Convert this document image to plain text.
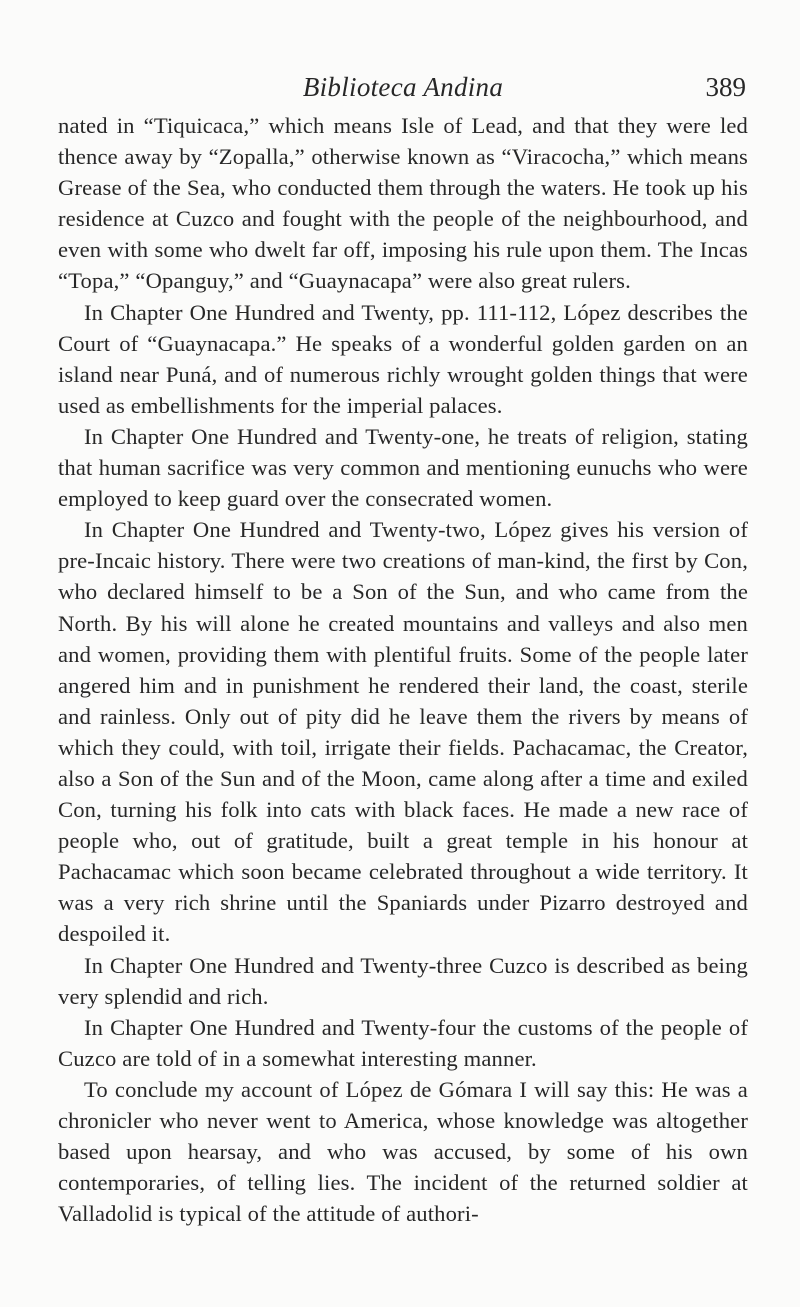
Biblioteca Andina	389

nated in “Tiquicaca,” which means Isle of Lead, and that they were led thence away by “Zopalla,” otherwise known as “Viracocha,” which means Grease of the Sea, who conducted them through the waters. He took up his residence at Cuzco and fought with the people of the neighbourhood, and even with some who dwelt far off, imposing his rule upon them. The Incas “Topa,” “Opanguy,” and “Guaynacapa” were also great rulers.

In Chapter One Hundred and Twenty, pp. 111-112, López describes the Court of “Guaynacapa.” He speaks of a wonderful golden garden on an island near Puná, and of numerous richly wrought golden things that were used as embellishments for the imperial palaces.

In Chapter One Hundred and Twenty-one, he treats of religion, stating that human sacrifice was very common and mentioning eunuchs who were employed to keep guard over the consecrated women.

In Chapter One Hundred and Twenty-two, López gives his version of pre-Incaic history. There were two creations of man-kind, the first by Con, who declared himself to be a Son of the Sun, and who came from the North. By his will alone he created mountains and valleys and also men and women, providing them with plentiful fruits. Some of the people later angered him and in punishment he rendered their land, the coast, sterile and rainless. Only out of pity did he leave them the rivers by means of which they could, with toil, irrigate their fields. Pachacamac, the Creator, also a Son of the Sun and of the Moon, came along after a time and exiled Con, turning his folk into cats with black faces. He made a new race of people who, out of gratitude, built a great temple in his honour at Pachacamac which soon became celebrated throughout a wide territory. It was a very rich shrine until the Spaniards under Pizarro destroyed and despoiled it.

In Chapter One Hundred and Twenty-three Cuzco is described as being very splendid and rich.

In Chapter One Hundred and Twenty-four the customs of the people of Cuzco are told of in a somewhat interesting manner.

To conclude my account of López de Gómara I will say this: He was a chronicler who never went to America, whose knowledge was altogether based upon hearsay, and who was accused, by some of his own contemporaries, of telling lies. The incident of the returned soldier at Valladolid is typical of the attitude of authori-
